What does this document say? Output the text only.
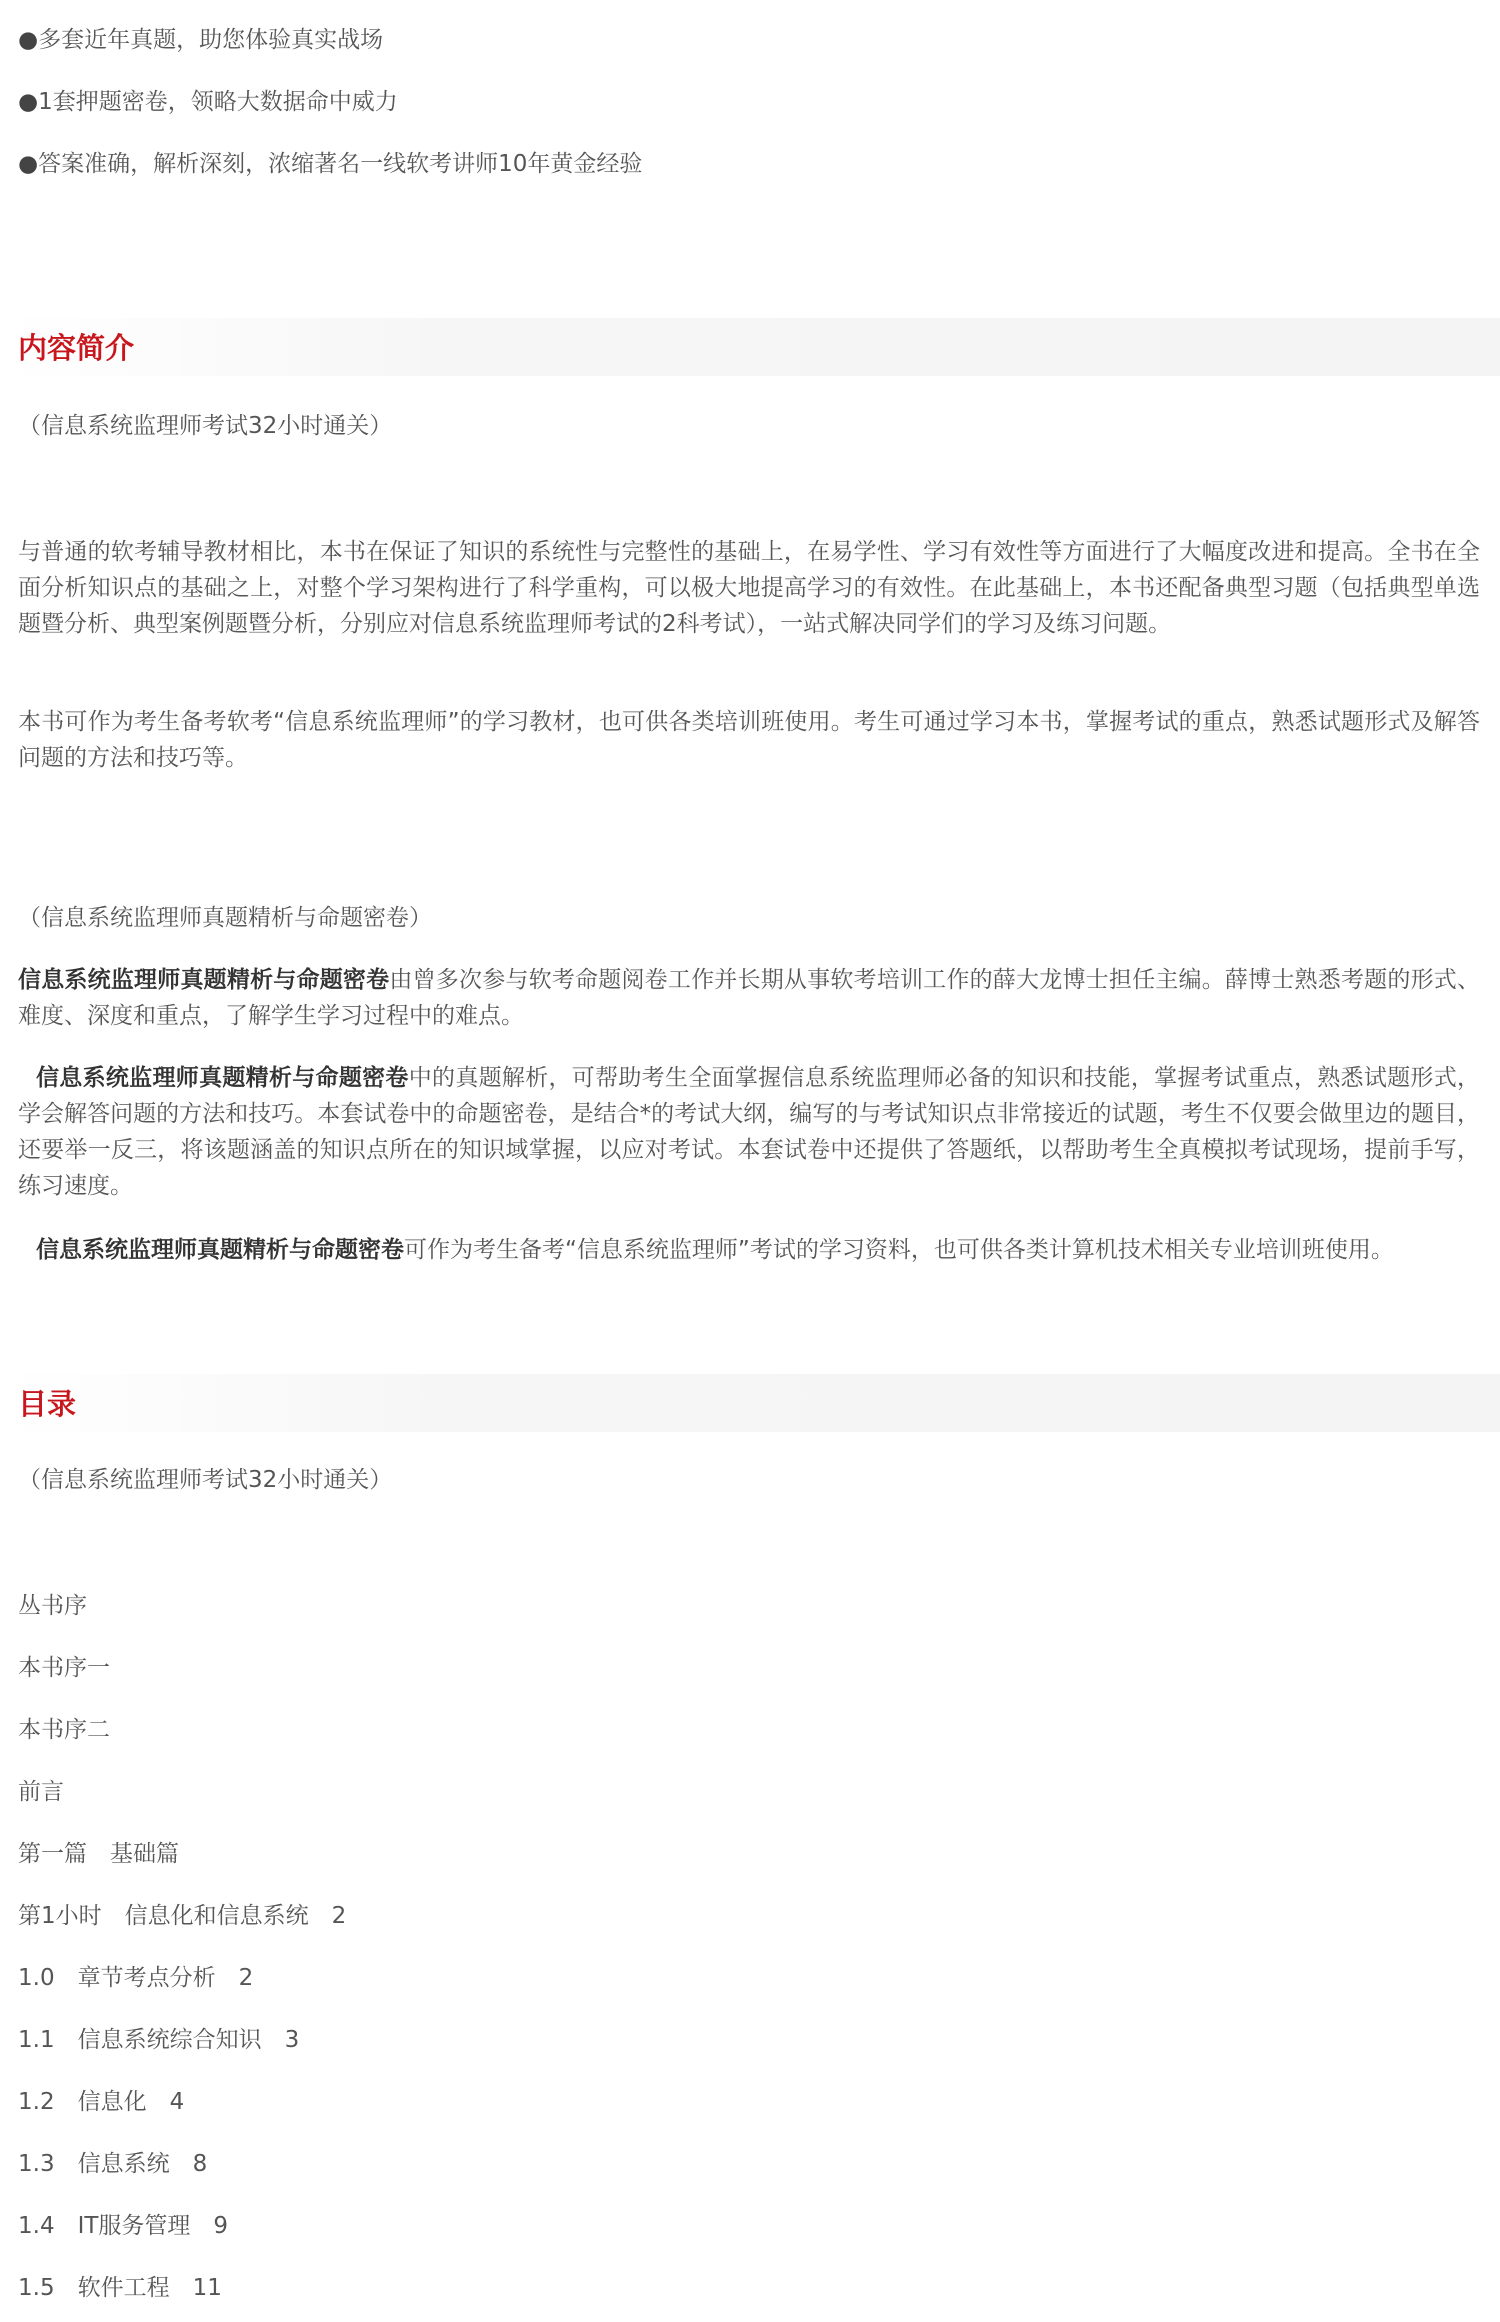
●多套近年真题，助您体验真实战场
●1套押题密卷，领略大数据命中威力
●答案准确，解析深刻，浓缩著名一线软考讲师10年黄金经验
内容简介
（信息系统监理师考试32小时通关）

与普通的软考辅导教材相比，本书在保证了知识的系统性与完整性的基础上，在易学性、学习有效性等方面进行了大幅度改进和提高。全书在全面分析知识点的基础之上，对整个学习架构进行了科学重构，可以极大地提高学习的有效性。在此基础上，本书还配备典型习题（包括典型单选题暨分析、典型案例题暨分析，分别应对信息系统监理师考试的2科考试），一站式解决同学们的学习及练习问题。

本书可作为考生备考软考“信息系统监理师”的学习教材，也可供各类培训班使用。考生可通过学习本书，掌握考试的重点，熟悉试题形式及解答问题的方法和技巧等。

（信息系统监理师真题精析与命题密卷）

信息系统监理师真题精析与命题密卷由曾多次参与软考命题阅卷工作并长期从事软考培训工作的薛大龙博士担任主编。薛博士熟悉考题的形式、难度、深度和重点，了解学生学习过程中的难点。

信息系统监理师真题精析与命题密卷中的真题解析，可帮助考生全面掌握信息系统监理师必备的知识和技能，掌握考试重点，熟悉试题形式，学会解答问题的方法和技巧。本套试卷中的命题密卷，是结合*的考试大纲，编写的与考试知识点非常接近的试题，考生不仅要会做里边的题目，还要举一反三，将该题涵盖的知识点所在的知识域掌握，以应对考试。本套试卷中还提供了答题纸，以帮助考生全真模拟考试现场，提前手写，练习速度。

信息系统监理师真题精析与命题密卷可作为考生备考“信息系统监理师”考试的学习资料，也可供各类计算机技术相关专业培训班使用。

目录
（信息系统监理师考试32小时通关）
丛书序
本书序一
本书序二
前言
第一篇　基础篇
第1小时　信息化和信息系统　2
1.0　章节考点分析　2
1.1　信息系统综合知识　3
1.2　信息化　4
1.3　信息系统　8
1.4　IT服务管理　9
1.5　软件工程　11
